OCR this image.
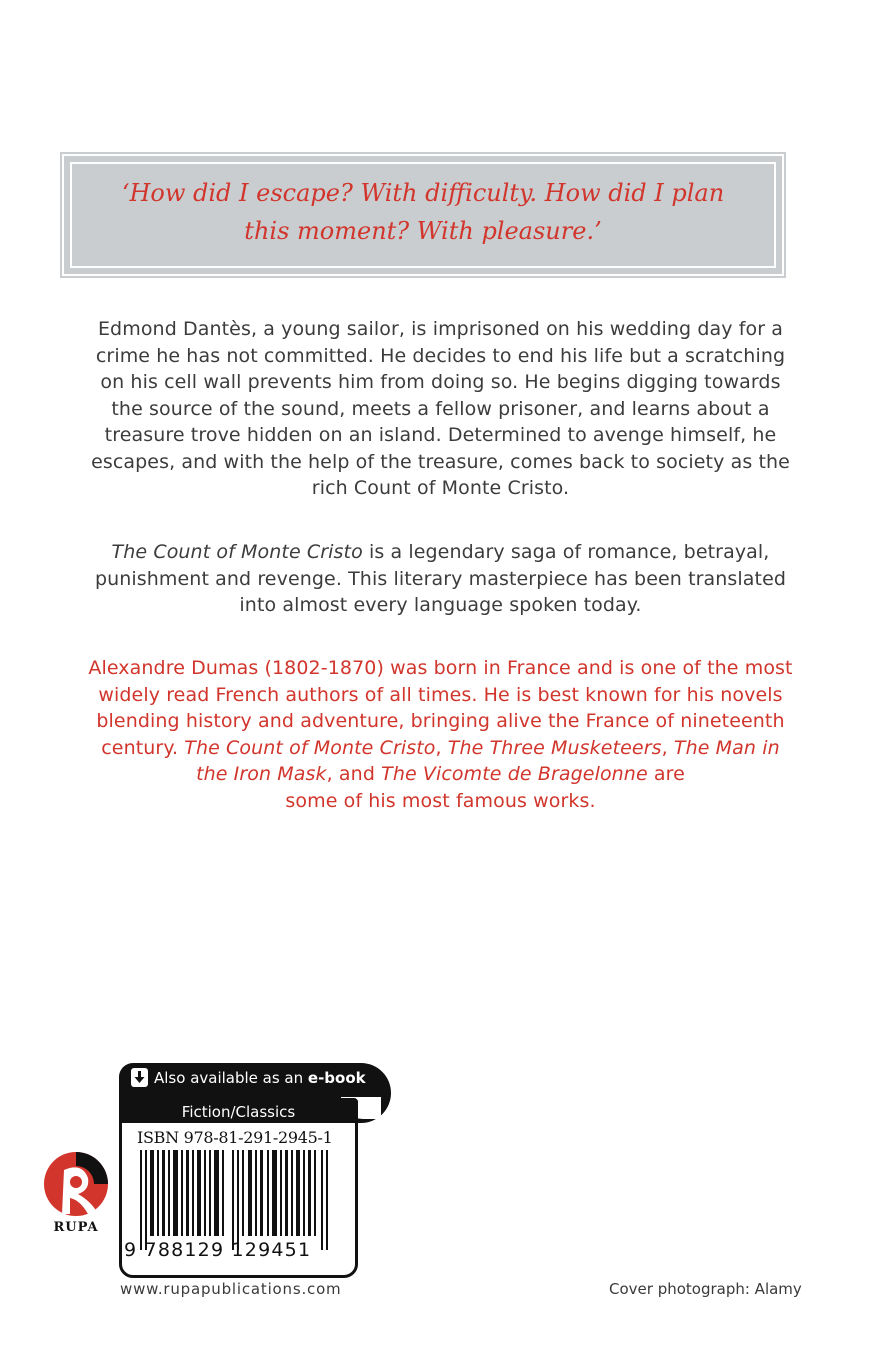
‘How did I escape? With difficulty. How did I plan
this moment? With pleasure.’
Edmond Dantès, a young sailor, is imprisoned on his wedding day for a
crime he has not committed. He decides to end his life but a scratching
on his cell wall prevents him from doing so. He begins digging towards
the source of the sound, meets a fellow prisoner, and learns about a
treasure trove hidden on an island. Determined to avenge himself, he
escapes, and with the help of the treasure, comes back to society as the
rich Count of Monte Cristo.
The Count of Monte Cristo is a legendary saga of romance, betrayal,
punishment and revenge. This literary masterpiece has been translated
into almost every language spoken today.
Alexandre Dumas (1802-1870) was born in France and is one of the most
widely read French authors of all times. He is best known for his novels
blending history and adventure, bringing alive the France of nineteenth
century. The Count of Monte Cristo, The Three Musketeers, The Man in
the Iron Mask, and The Vicomte de Bragelonne are
some of his most famous works.
Also available as an e-book
Fiction/Classics
ISBN 978-81-291-2945-1
9 788129 129451
RUPA
www.rupapublications.com	Cover photograph: Alamy
